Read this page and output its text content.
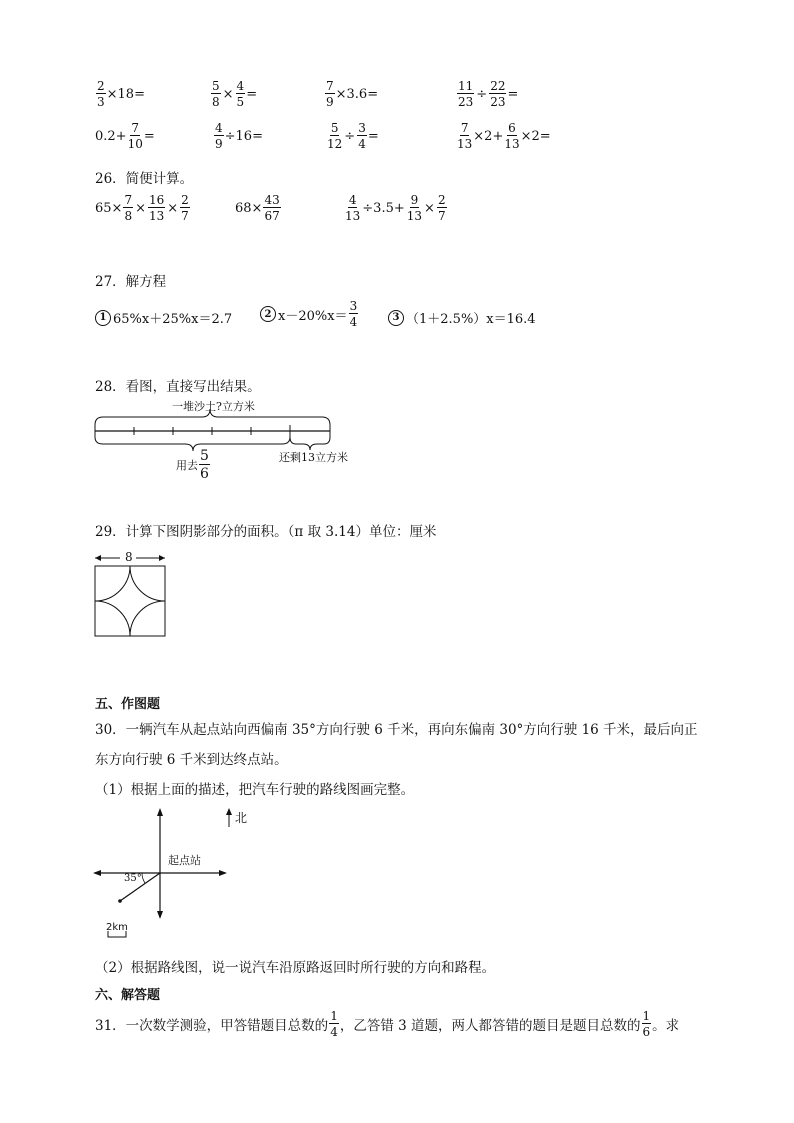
$\frac{2}{3} \times 18=$	$\frac{5}{8} \times \frac{4}{5}$ =	$\frac{7}{9} \times 3.6=$	$\frac{11}{23} \div \frac{22}{23}$ =
$0.2+ \frac{7}{10}$ =	$\frac{4}{9} \div 16=$	$\frac{5}{12} \div \frac{3}{4}$ =	$\frac{7}{13} \times 2+ \frac{6}{13} \times 2=$
26．简便计算。
$65\times \frac{7}{8} \times \frac{16}{13} \times \frac{2}{7}$	$68\times \frac{43}{67}$	$\frac{4}{13} \div 3.5+ \frac{9}{13} \times \frac{2}{7}$
27．解方程
1 65%x＋25%x＝2.7	2 $x-20\%x= \frac{3}{4}$	3 （1＋2.5%）x＝16.4
28．看图，直接写出结果。
一堆沙土?立方米
用去 $\frac{5}{6}$	还剩13立方米
29．计算下图阴影部分的面积。（π 取 3.14）单位：厘米
8
五、作图题
30．一辆汽车从起点站向西偏南 35°方向行驶 6 千米，再向东偏南 30°方向行驶 16 千米，最后向正
东方向行驶 6 千米到达终点站。
（1）根据上面的描述，把汽车行驶的路线图画完整。
北
起点站
35°
2km
（2）根据路线图，说一说汽车沿原路返回时所行驶的方向和路程。
六、解答题
31．一次数学测验，甲答错题目总数的 $\frac{1}{4}$ ，乙答错 3 道题，两人都答错的题目是题目总数的 $\frac{1}{6}$ 。求
